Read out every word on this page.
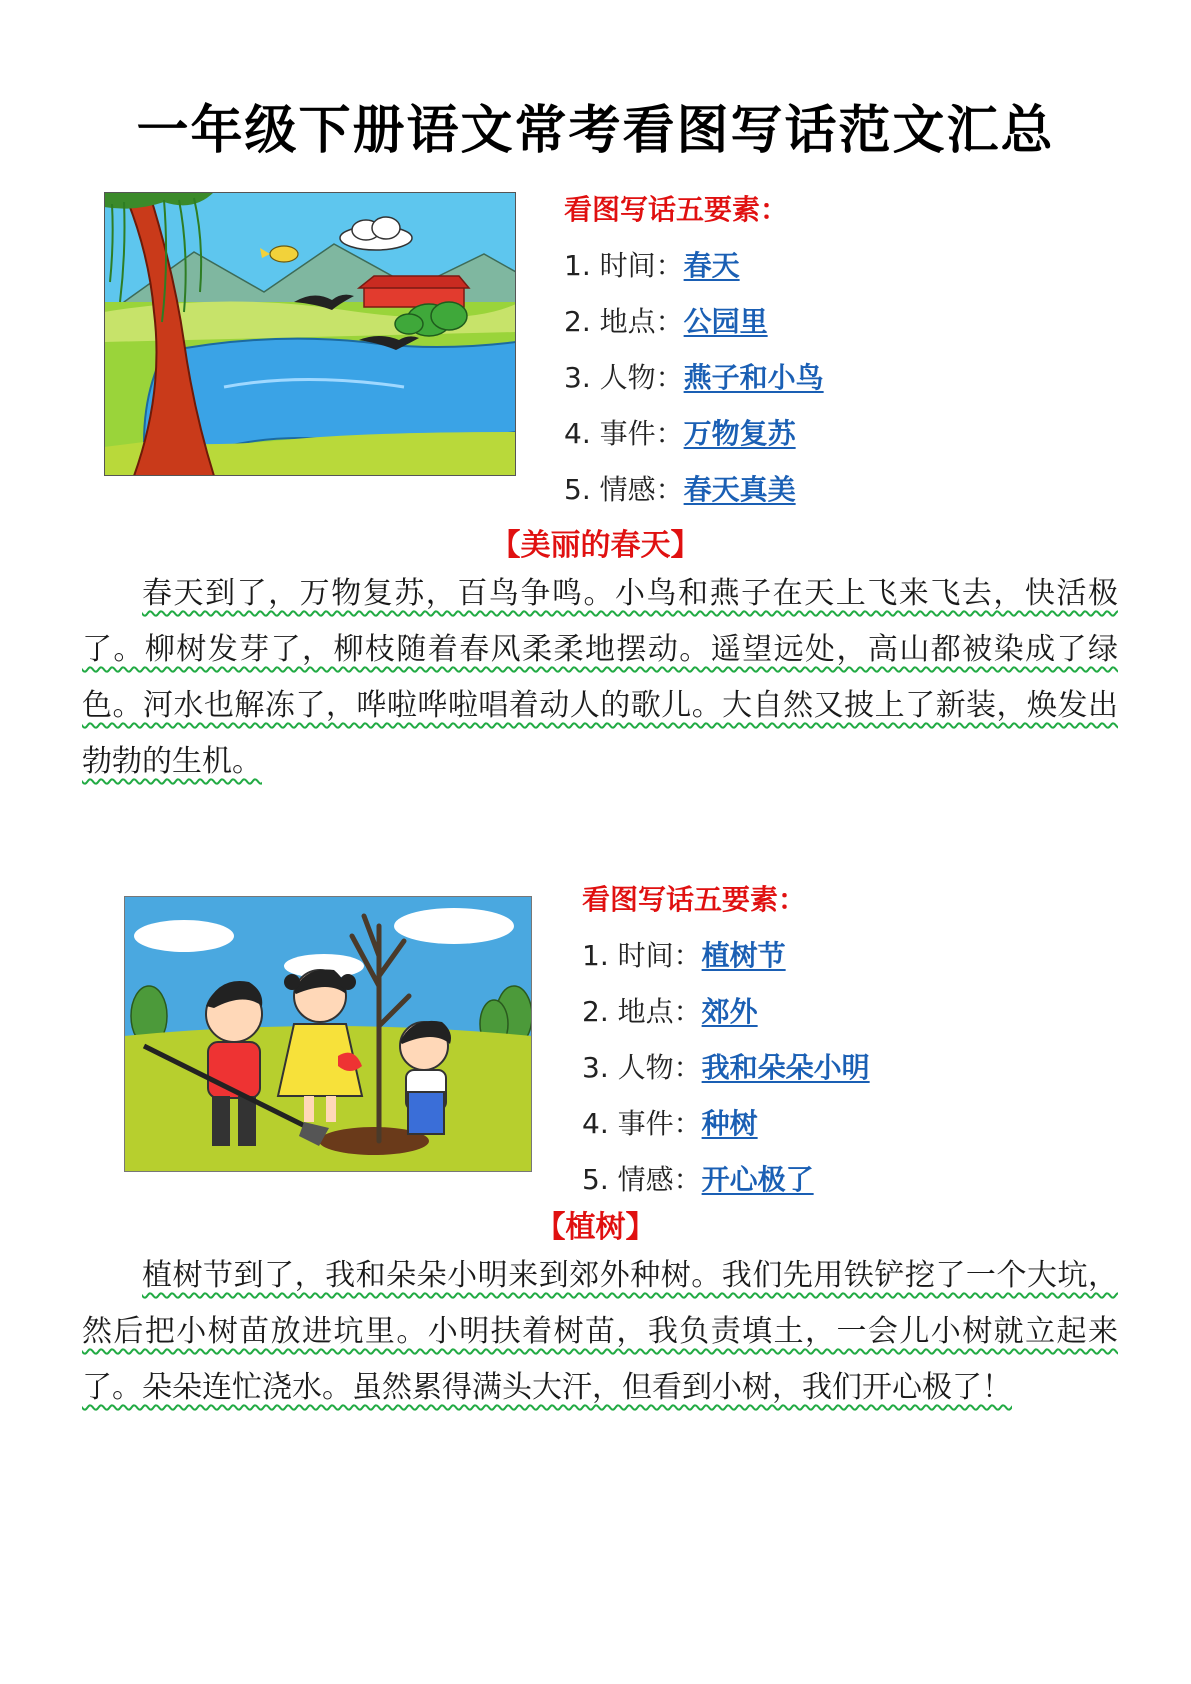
一年级下册语文常考看图写话范文汇总
看图写话五要素：
1. 时间：春天
2. 地点：公园里
3. 人物：燕子和小鸟
4. 事件：万物复苏
5. 情感：春天真美
【美丽的春天】

春天到了，万物复苏，百鸟争鸣。小鸟和燕子在天上飞来飞去，快活极了。柳树发芽了，柳枝随着春风柔柔地摆动。遥望远处，高山都被染成了绿色。河水也解冻了，哗啦哗啦唱着动人的歌儿。大自然又披上了新装，焕发出勃勃的生机。

看图写话五要素：
1. 时间：植树节
2. 地点：郊外
3. 人物：我和朵朵小明
4. 事件：种树
5. 情感：开心极了
【植树】

植树节到了，我和朵朵小明来到郊外种树。我们先用铁铲挖了一个大坑，然后把小树苗放进坑里。小明扶着树苗，我负责填土，一会儿小树就立起来了。朵朵连忙浇水。虽然累得满头大汗，但看到小树，我们开心极了！
